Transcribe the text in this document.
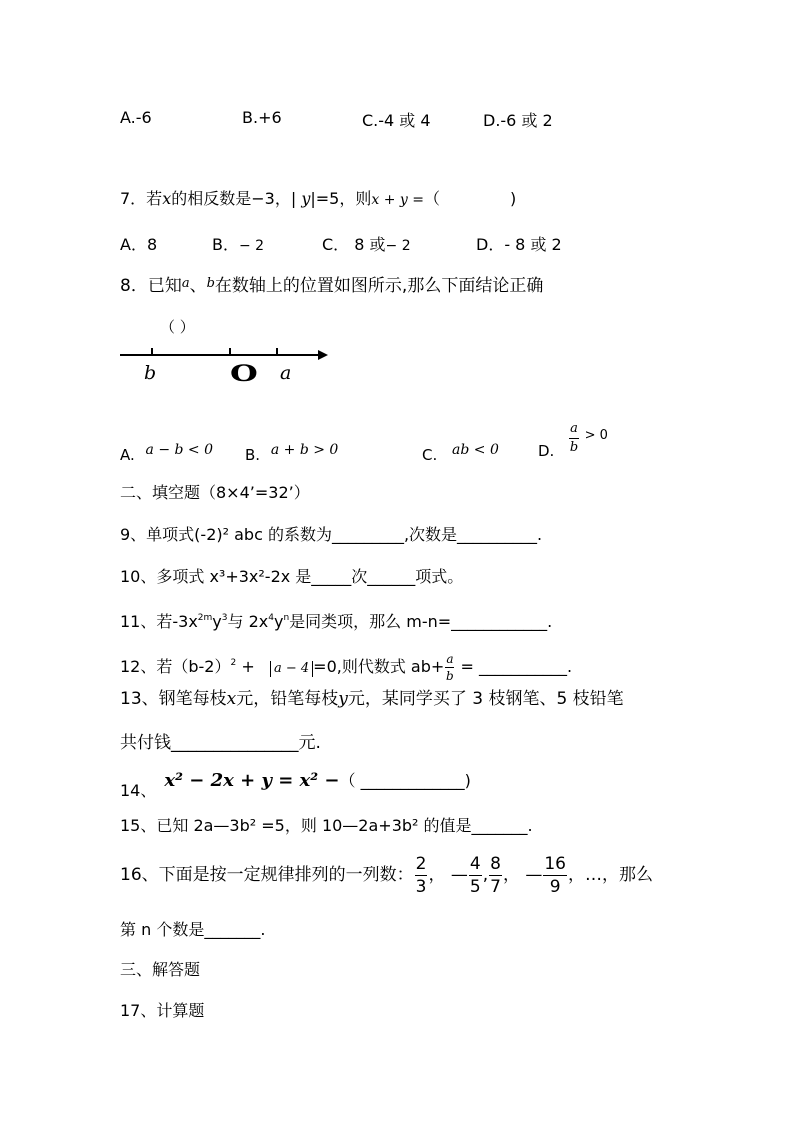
A.-6	B.+6	C.-4 或 4	D.-6 或 2
7．若x的相反数是−3，| y|=5，则x + y =（	)
A．8	B．− 2	C． 8 或− 2	D．- 8 或 2
8．已知$^a$、$^b$在数轴上的位置如图所示,那么下面结论正确
（ ）
b	O a
A. a − b < 0 B. a + b > 0	C. ab < 0	D. $\frac{a}{b} > 0$
二、填空题（8×4’=32’）
9、单项式(-2)² abc 的系数为_________,次数是__________.
10、多项式 x³+3x²-2x 是_____次______项式。
11、若$-3x^{2m}y^3$与 $2x^4y^n$是同类项，那么 m-n=____________.
12、若$(b-2)^2 + a - 4 =0$,则代数式 $ab+ \frac{a}{b}$ = ___________.
13、钢笔每枝x元，铅笔每枝y元，某同学买了 3 枝钢笔、5 枝铅笔
共付钱_______________元.
14、 x² − 2x + y = x² −（ _____________)
15、已知 2a—3b² =5，则 10—2a+3b² 的值是_______.
16、下面是按一定规律排列的一列数： $\frac{2}{3}$ ， — $\frac{4}{5}$ , $\frac{8}{7}$ ， — $\frac{16}{9}$ ，…，那么
第 n 个数是_______.
三、解答题
17、计算题
